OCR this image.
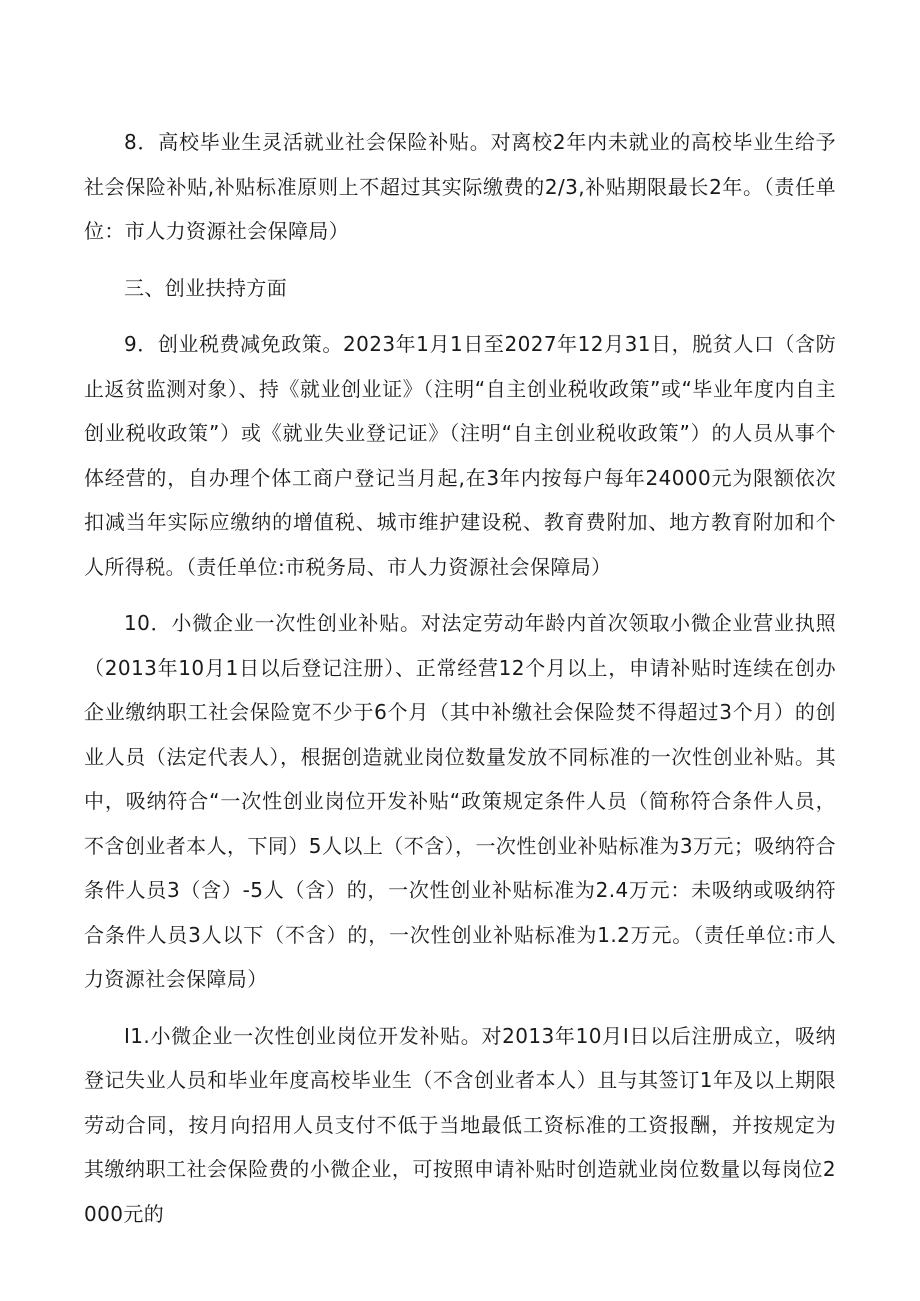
8．高校毕业生灵活就业社会保险补贴。对离校2年内未就业的高校毕业生给予社会保险补贴,补贴标准原则上不超过其实际缴费的2/3,补贴期限最长2年。（责任单位：市人力资源社会保障局）

三、创业扶持方面

9．创业税费减免政策。2023年1月1日至2027年12月31日，脱贫人口（含防止返贫监测对象）、持《就业创业证》（注明“自主创业税收政策”或“毕业年度内自主创业税收政策”）或《就业失业登记证》（注明“自主创业税收政策”）的人员从事个体经营的，自办理个体工商户登记当月起,在3年内按每户每年24000元为限额依次扣减当年实际应缴纳的增值税、城市维护建设税、教育费附加、地方教育附加和个人所得税。（责任单位:市税务局、市人力资源社会保障局）

10．小微企业一次性创业补贴。对法定劳动年龄内首次领取小微企业营业执照（2013年10月1日以后登记注册）、正常经营12个月以上，申请补贴时连续在创办企业缴纳职工社会保险宽不少于6个月（其中补缴社会保险焚不得超过3个月）的创业人员（法定代表人），根据创造就业岗位数量发放不同标准的一次性创业补贴。其中，吸纳符合“一次性创业岗位开发补贴“政策规定条件人员（简称符合条件人员，不含创业者本人，下同）5人以上（不含），一次性创业补贴标准为3万元；吸纳符合条件人员3（含）-5人（含）的，一次性创业补贴标准为2.4万元：未吸纳或吸纳符合条件人员3人以下（不含）的，一次性创业补贴标准为1.2万元。（责任单位:市人力资源社会保障局）

I1.小微企业一次性创业岗位开发补贴。对2013年10月I日以后注册成立，吸纳登记失业人员和毕业年度高校毕业生（不含创业者本人）且与其签订1年及以上期限劳动合同，按月向招用人员支付不低于当地最低工资标准的工资报酬，并按规定为其缴纳职工社会保险费的小微企业，可按照申请补贴时创造就业岗位数量以每岗位2000元的
